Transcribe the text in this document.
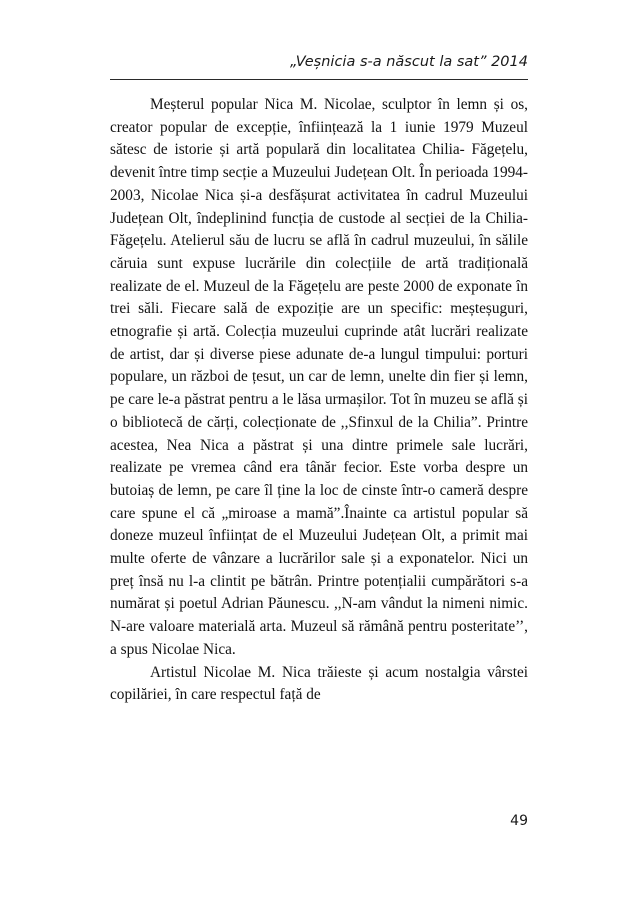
„Veșnicia s-a născut la sat” 2014

Meșterul popular Nica M. Nicolae, sculptor în lemn și os, creator popular de excepție, înființează la 1 iunie 1979 Muzeul sătesc de istorie și artă populară din localitatea Chilia- Făgețelu, devenit între timp secție a Muzeului Județean Olt. În perioada 1994-2003, Nicolae Nica și-a desfășurat activitatea în cadrul Muzeului Județean Olt, îndeplinind funcția de custode al secției de la Chilia-Făgețelu. Atelierul său de lucru se află în cadrul muzeului, în sălile căruia sunt expuse lucrările din colecțiile de artă tradițională realizate de el. Muzeul de la Făgețelu are peste 2000 de exponate în trei săli. Fiecare sală de expoziție are un specific: meșteșuguri, etnografie și artă. Colecția muzeului cuprinde atât lucrări realizate de artist, dar și diverse piese adunate de-a lungul timpului: porturi populare, un război de țesut, un car de lemn, unelte din fier și lemn, pe care le-a păstrat pentru a le lăsa urmașilor. Tot în muzeu se află și o bibliotecă de cărți, colecționate de ,,Sfinxul de la Chilia”. Printre acestea, Nea Nica a păstrat și una dintre primele sale lucrări, realizate pe vremea când era tânăr fecior. Este vorba despre un butoiaș de lemn, pe care îl ține la loc de cinste într-o cameră despre care spune el că „miroase a mamă”.Înainte ca artistul popular să doneze muzeul înființat de el Muzeului Județean Olt, a primit mai multe oferte de vânzare a lucrărilor sale și a exponatelor. Nici un preț însă nu l-a clintit pe bătrân. Printre potențialii cumpărători s-a numărat și poetul Adrian Păunescu. ,,N-am vândut la nimeni nimic. N-are valoare materială arta. Muzeul să rămână pentru posteritate’’, a spus Nicolae Nica.

Artistul Nicolae M. Nica trăieste și acum nostalgia vârstei copilăriei, în care respectul față de

49
